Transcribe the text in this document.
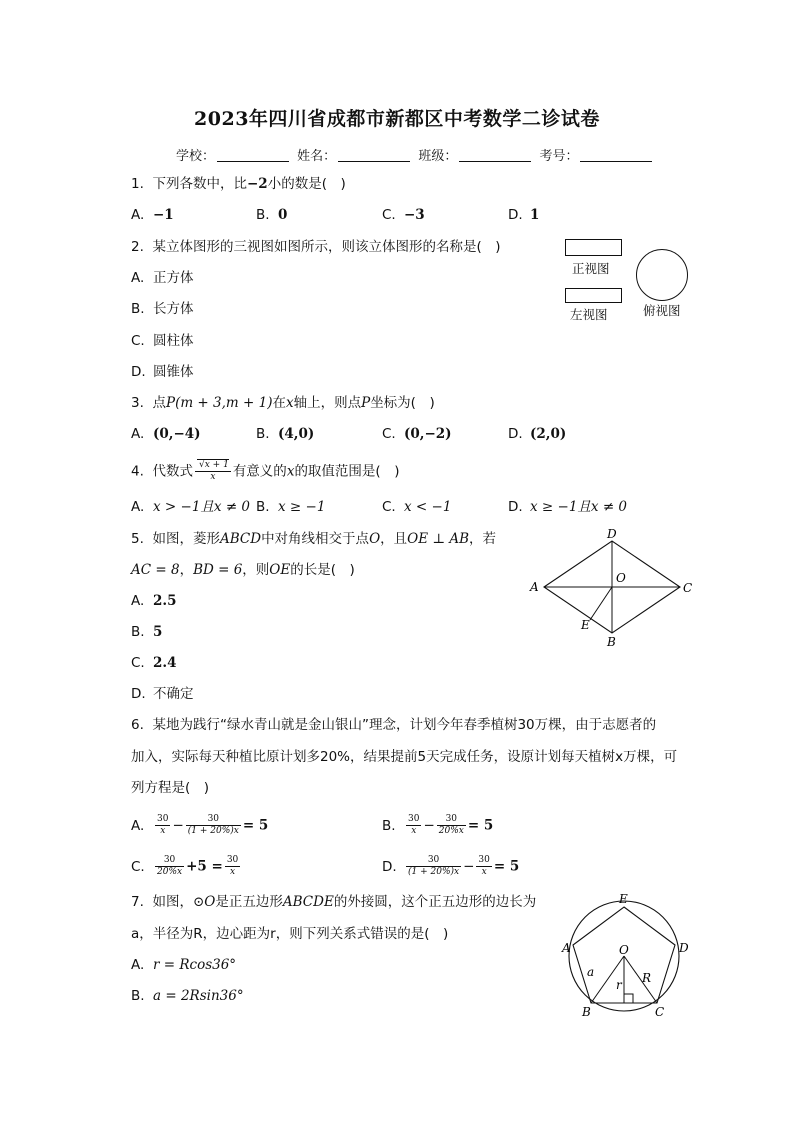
2023年四川省成都市新都区中考数学二诊试卷
学校：	姓名：	班级：	考号：
1. 下列各数中，比−2小的数是(　)
A. −1	B. 0	C. −3	D. 1
2. 某立体图形的三视图如图所示，则该立体图形的名称是(　)
A. 正方体
B. 长方体
C. 圆柱体
D. 圆锥体
正视图
左视图	俯视图
3. 点P(m + 3,m + 1)在x轴上，则点P坐标为(　)
A. (0,−4)	B. (4,0)	C. (0,−2)	D. (2,0)
4. 代数式 $\frac{√x + 1}{x}$ 有意义的x的取值范围是(　)
A. x > −1且x ≠ 0 B. x ≥ −1	C. x < −1	D. x ≥ −1且x ≠ 0
5. 如图，菱形ABCD中对角线相交于点O，且OE ⊥ AB，若
AC = 8，BD = 6，则OE的长是(　)
A. 2.5
B. 5
C. 2.4
D. 不确定
A
D
C
B
O
E
6. 某地为践行“绿水青山就是金山银山”理念，计划今年春季植树30万棵，由于志愿者的
加入，实际每天种植比原计划多20%，结果提前5天完成任务，设原计划每天植树x万棵，可
列方程是(　)
A. $\frac{30}{x} - \frac{30}{(1 + 20\%)x} = 5$	B. $\frac{30}{x} - \frac{30}{20\%x} = 5$
C. $\frac{30}{20\%x} +5 = \frac{30}{x}$	D. $\frac{30}{(1 + 20\%)x} - \frac{30}{x} = 5$
7. 如图，⊙O是正五边形ABCDE的外接圆，这个正五边形的边长为
a，半径为R，边心距为r，则下列关系式错误的是(　)
A. r = Rcos36°
B. a = 2Rsin36°
E
D
C
B
A	O
a
r R
